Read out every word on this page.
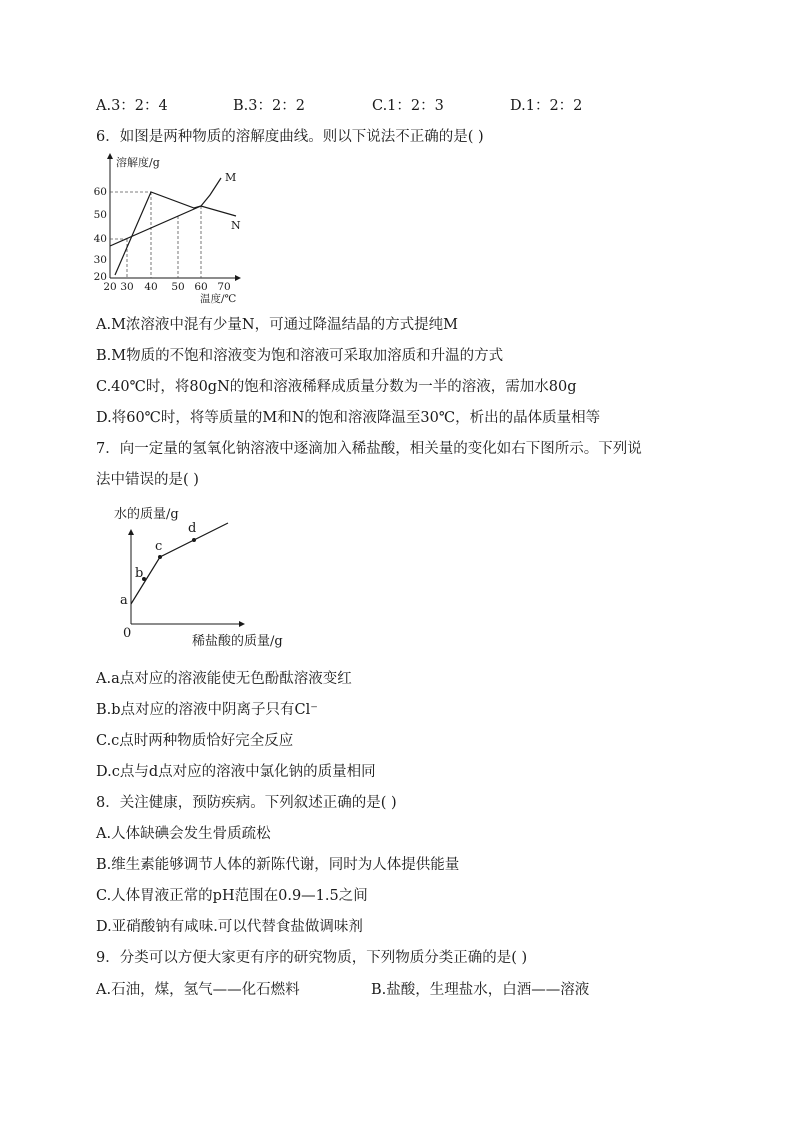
A.3：2：4	B.3：2：2	C.1：2：3	D.1：2：2
6．如图是两种物质的溶解度曲线。则以下说法不正确的是( )
溶解度/g
M
N
60
50
40
30
20
20 30 40 50 60 70
温度/℃
A.M浓溶液中混有少量N，可通过降温结晶的方式提纯M
B.M物质的不饱和溶液变为饱和溶液可采取加溶质和升温的方式
C.40℃时，将80gN的饱和溶液稀释成质量分数为一半的溶液，需加水80g
D.将60℃时，将等质量的M和N的饱和溶液降温至30℃，析出的晶体质量相等
7．向一定量的氢氧化钠溶液中逐滴加入稀盐酸，相关量的变化如右下图所示。下列说
法中错误的是( )
水的质量/g
a
b
c
d
0
稀盐酸的质量/g
A.a点对应的溶液能使无色酚酞溶液变红
B.b点对应的溶液中阴离子只有Cl⁻
C.c点时两种物质恰好完全反应
D.c点与d点对应的溶液中氯化钠的质量相同
8．关注健康，预防疾病。下列叙述正确的是( )
A.人体缺碘会发生骨质疏松
B.维生素能够调节人体的新陈代谢，同时为人体提供能量
C.人体胃液正常的pH范围在0.9—1.5之间
D.亚硝酸钠有咸味.可以代替食盐做调味剂
9．分类可以方便大家更有序的研究物质，下列物质分类正确的是( )
A.石油，煤，氢气——化石燃料	B.盐酸，生理盐水，白酒——溶液
